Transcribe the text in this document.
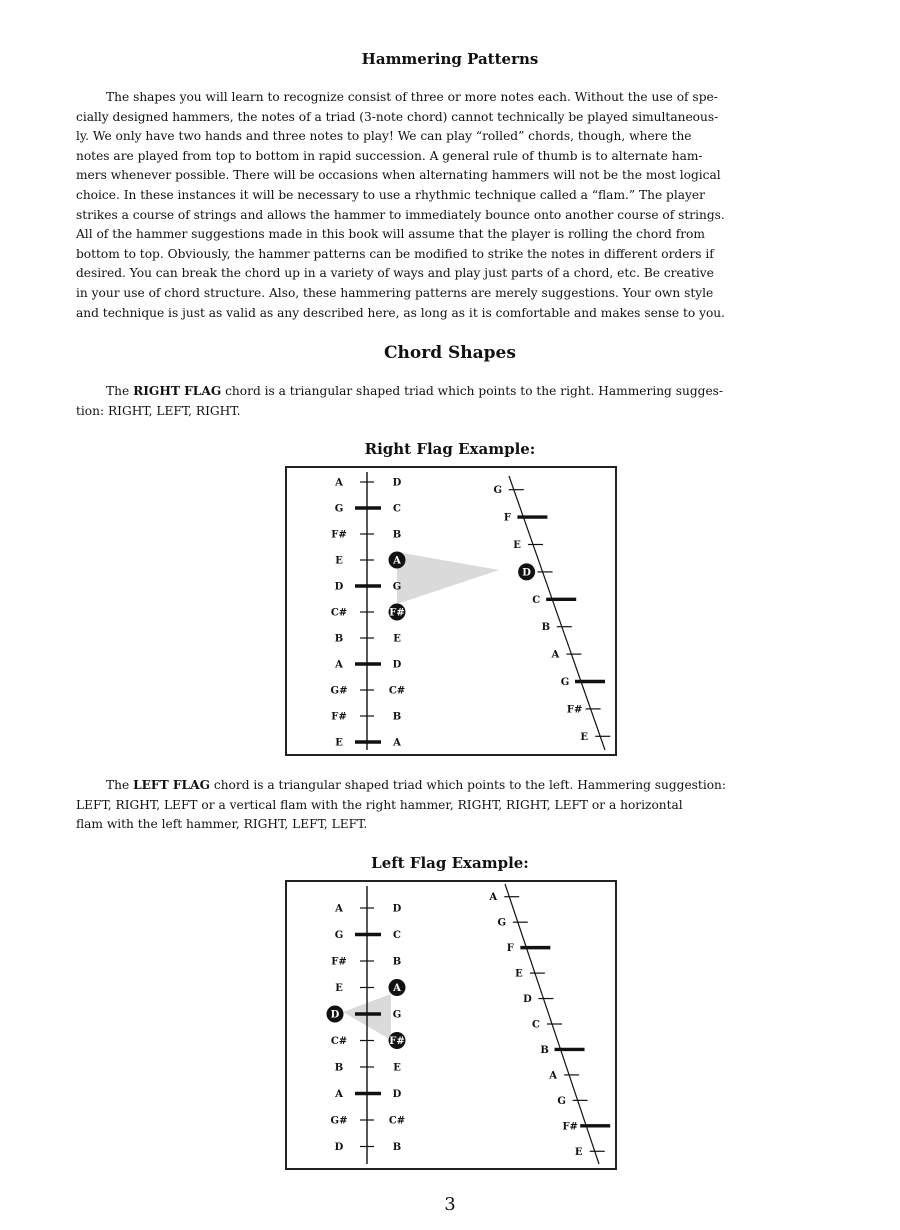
Hammering Patterns

The shapes you will learn to recognize consist of three or more notes each. Without the use of spe-
cially designed hammers, the notes of a triad (3-note chord) cannot technically be played simultaneous-
ly. We only have two hands and three notes to play! We can play “rolled” chords, though, where the
notes are played from top to bottom in rapid succession. A general rule of thumb is to alternate ham-
mers whenever possible. There will be occasions when alternating hammers will not be the most logical
choice. In these instances it will be necessary to use a rhythmic technique called a “flam.” The player
strikes a course of strings and allows the hammer to immediately bounce onto another course of strings.
All of the hammer suggestions made in this book will assume that the player is rolling the chord from
bottom to top. Obviously, the hammer patterns can be modified to strike the notes in different orders if
desired. You can break the chord up in a variety of ways and play just parts of a chord, etc. Be creative
in your use of chord structure. Also, these hammering patterns are merely suggestions. Your own style
and technique is just as valid as any described here, as long as it is comfortable and makes sense to you.

Chord Shapes

The RIGHT FLAG chord is a triangular shaped triad which points to the right. Hammering sugges-
tion: RIGHT, LEFT, RIGHT.

Right Flag Example:
A	D
G	C
F#	B
E	A
D	G
C#	F#
B	E
A	D
G#	C#
F#	B
E	A
G
F
E
D
C
B
A
G
F#
E

The LEFT FLAG chord is a triangular shaped triad which points to the left. Hammering suggestion:
LEFT, RIGHT, LEFT or a vertical flam with the right hammer, RIGHT, RIGHT, LEFT or a horizontal
flam with the left hammer, RIGHT, LEFT, LEFT.

Left Flag Example:
A	D
G	C
F#	B
E	A
D	G
C#	F#
B	E
A	D
G#	C#
D	B
A
G
F
E
D
C
B
A
G
F#
E
3
